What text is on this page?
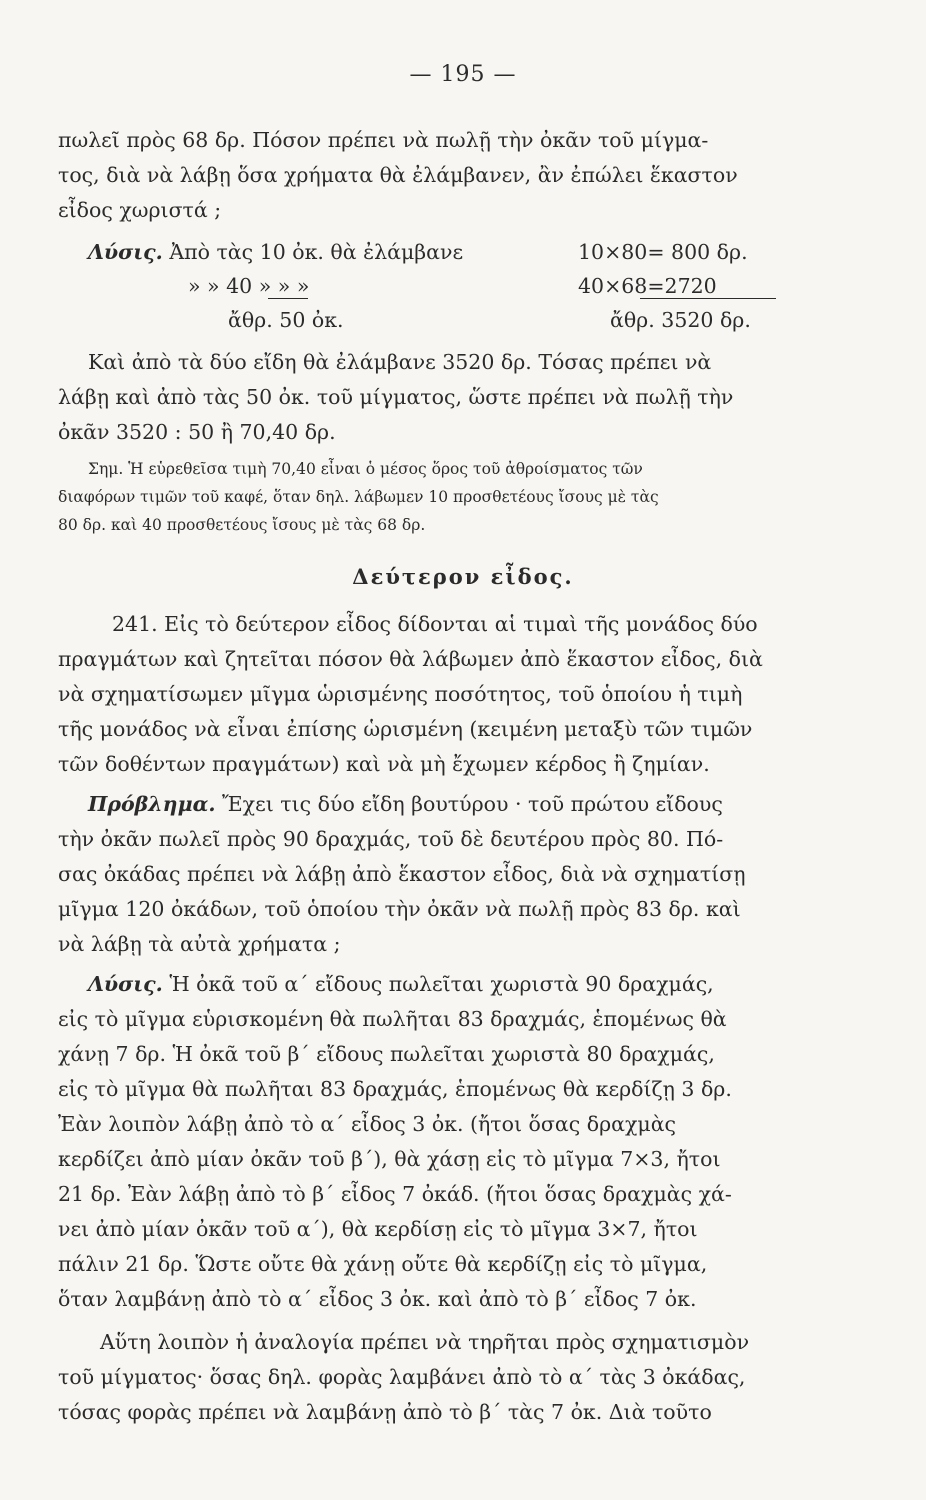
— 195 —
πωλεῖ πρὸς 68 δρ. Πόσον πρέπει νὰ πωλῇ τὴν ὀκᾶν τοῦ μίγμα-
τος, διὰ νὰ λάβῃ ὅσα χρήματα θὰ ἐλάμβανεν, ἂν ἐπώλει ἕκαστον
εἶδος χωριστά ;
Λύσις. Ἀπὸ τὰς 10 ὀκ. θὰ ἐλάμβανε	10×80= 800 δρ.
» » 40 » » »	40×68=2720
ἄθρ. 50 ὀκ.	ἄθρ. 3520 δρ.
Καὶ ἀπὸ τὰ δύο εἴδη θὰ ἐλάμβανε 3520 δρ. Τόσας πρέπει νὰ
λάβῃ καὶ ἀπὸ τὰς 50 ὀκ. τοῦ μίγματος, ὥστε πρέπει νὰ πωλῇ τὴν
ὀκᾶν 3520 : 50 ἢ 70,40 δρ.
Σημ. Ἡ εὑρεθεῖσα τιμὴ 70,40 εἶναι ὁ μέσος ὅρος τοῦ ἀθροίσματος τῶν
διαφόρων τιμῶν τοῦ καφέ, ὅταν δηλ. λάβωμεν 10 προσθετέους ἴσους μὲ τὰς
80 δρ. καὶ 40 προσθετέους ἴσους μὲ τὰς 68 δρ.
Δεύτερον εἶδος.
241. Εἰς τὸ δεύτερον εἶδος δίδονται αἱ τιμαὶ τῆς μονάδος δύο
πραγμάτων καὶ ζητεῖται πόσον θὰ λάβωμεν ἀπὸ ἕκαστον εἶδος, διὰ
νὰ σχηματίσωμεν μῖγμα ὡρισμένης ποσότητος, τοῦ ὁποίου ἡ τιμὴ
τῆς μονάδος νὰ εἶναι ἐπίσης ὡρισμένη (κειμένη μεταξὺ τῶν τιμῶν
τῶν δοθέντων πραγμάτων) καὶ νὰ μὴ ἔχωμεν κέρδος ἢ ζημίαν.
Πρόβλημα. Ἔχει τις δύο εἴδη βουτύρου · τοῦ πρώτου εἴδους
τὴν ὀκᾶν πωλεῖ πρὸς 90 δραχμάς, τοῦ δὲ δευτέρου πρὸς 80. Πό-
σας ὀκάδας πρέπει νὰ λάβῃ ἀπὸ ἕκαστον εἶδος, διὰ νὰ σχηματίσῃ
μῖγμα 120 ὀκάδων, τοῦ ὁποίου τὴν ὀκᾶν νὰ πωλῇ πρὸς 83 δρ. καὶ
νὰ λάβῃ τὰ αὐτὰ χρήματα ;
Λύσις. Ἡ ὀκᾶ τοῦ α΄ εἴδους πωλεῖται χωριστὰ 90 δραχμάς,
εἰς τὸ μῖγμα εὑρισκομένη θὰ πωλῆται 83 δραχμάς, ἑπομένως θὰ
χάνῃ 7 δρ. Ἡ ὀκᾶ τοῦ β΄ εἴδους πωλεῖται χωριστὰ 80 δραχμάς,
εἰς τὸ μῖγμα θὰ πωλῆται 83 δραχμάς, ἑπομένως θὰ κερδίζῃ 3 δρ.
Ἐὰν λοιπὸν λάβῃ ἀπὸ τὸ α΄ εἶδος 3 ὀκ. (ἤτοι ὅσας δραχμὰς
κερδίζει ἀπὸ μίαν ὀκᾶν τοῦ β΄), θὰ χάσῃ εἰς τὸ μῖγμα 7×3, ἤτοι
21 δρ. Ἐὰν λάβῃ ἀπὸ τὸ β΄ εἶδος 7 ὀκάδ. (ἤτοι ὅσας δραχμὰς χά-
νει ἀπὸ μίαν ὀκᾶν τοῦ α΄), θὰ κερδίσῃ εἰς τὸ μῖγμα 3×7, ἤτοι
πάλιν 21 δρ. Ὥστε οὔτε θὰ χάνῃ οὔτε θὰ κερδίζῃ εἰς τὸ μῖγμα,
ὅταν λαμβάνῃ ἀπὸ τὸ α΄ εἶδος 3 ὀκ. καὶ ἀπὸ τὸ β΄ εἶδος 7 ὀκ.
Αὕτη λοιπὸν ἡ ἀναλογία πρέπει νὰ τηρῆται πρὸς σχηματισμὸν
τοῦ μίγματος· ὅσας δηλ. φορὰς λαμβάνει ἀπὸ τὸ α΄ τὰς 3 ὀκάδας,
τόσας φορὰς πρέπει νὰ λαμβάνῃ ἀπὸ τὸ β΄ τὰς 7 ὀκ. Διὰ τοῦτο
